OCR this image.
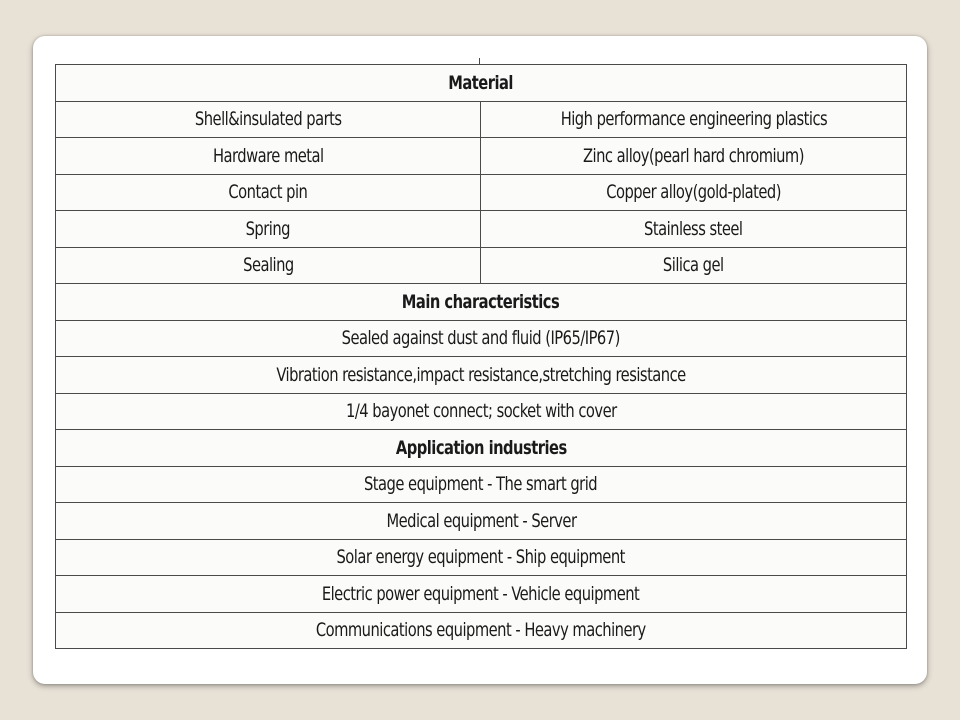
Material	
Shell&insulated parts	High performance engineering plastics
Hardware metal	Zinc alloy(pearl hard chromium)
Contact pin	Copper alloy(gold-plated)
Spring	Stainless steel
Sealing	Silica gel
Main characteristics	
Sealed against dust and fluid (IP65/IP67)	
Vibration resistance,impact resistance,stretching resistance	
1/4 bayonet connect; socket with cover	
Application industries	
Stage equipment - The smart grid	
Medical equipment - Server	
Solar energy equipment - Ship equipment	
Electric power equipment - Vehicle equipment	
Communications equipment - Heavy machinery	
